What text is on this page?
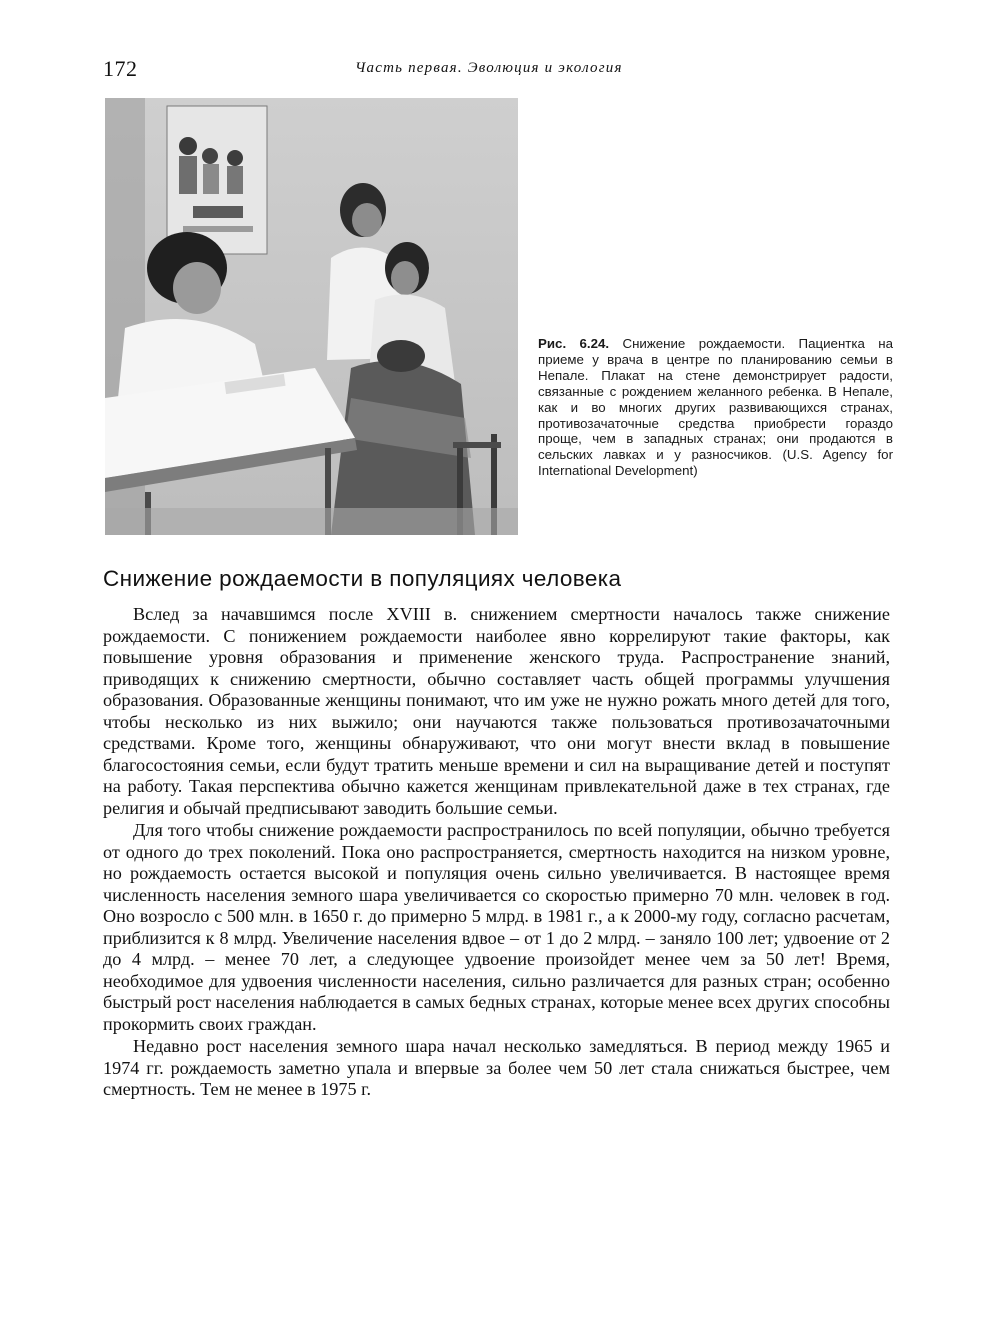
172	Часть первая. Эволюция и экология
Рис. 6.24. Снижение рождаемости. Пациентка на приеме у врача в центре по планированию семьи в Непале. Плакат на стене демонстрирует радости, связанные с рождением желанного ребенка. В Непале, как и во многих других развивающихся странах, противозачаточные средства приобрести гораздо проще, чем в западных странах; они продаются в сельских лавках и у разносчиков. (U.S. Agency for International Development)
Снижение рождаемости в популяциях человека

Вслед за начавшимся после XVIII в. снижением смертности началось также снижение рождаемости. С понижением рождаемости наиболее явно коррелируют такие факторы, как повышение уровня образования и применение женского труда. Распространение знаний, приводящих к снижению смертности, обычно составляет часть общей программы улучшения образования. Образованные женщины понимают, что им уже не нужно рожать много детей для того, чтобы несколько из них выжило; они научаются также пользоваться противозачаточными средствами. Кроме того, женщины обнаруживают, что они могут внести вклад в повышение благосостояния семьи, если будут тратить меньше времени и сил на выращивание детей и поступят на работу. Такая перспектива обычно кажется женщинам привлекательной даже в тех странах, где религия и обычай предписывают заводить большие семьи.

Для того чтобы снижение рождаемости распространилось по всей популяции, обычно требуется от одного до трех поколений. Пока оно распространяется, смертность находится на низком уровне, но рождаемость остается высокой и популяция очень сильно увеличивается. В настоящее время численность населения земного шара увеличивается со скоростью примерно 70 млн. человек в год. Оно возросло с 500 млн. в 1650 г. до примерно 5 млрд. в 1981 г., а к 2000-му году, согласно расчетам, приблизится к 8 млрд. Увеличение населения вдвое – от 1 до 2 млрд. – заняло 100 лет; удвоение от 2 до 4 млрд. – менее 70 лет, а следующее удвоение произойдет менее чем за 50 лет! Время, необходимое для удвоения численности населения, сильно различается для разных стран; особенно быстрый рост населения наблюдается в самых бедных странах, которые менее всех других способны прокормить своих граждан.

Недавно рост населения земного шара начал несколько замедляться. В период между 1965 и 1974 гг. рождаемость заметно упала и впервые за более чем 50 лет стала снижаться быстрее, чем смертность. Тем не менее в 1975 г.
